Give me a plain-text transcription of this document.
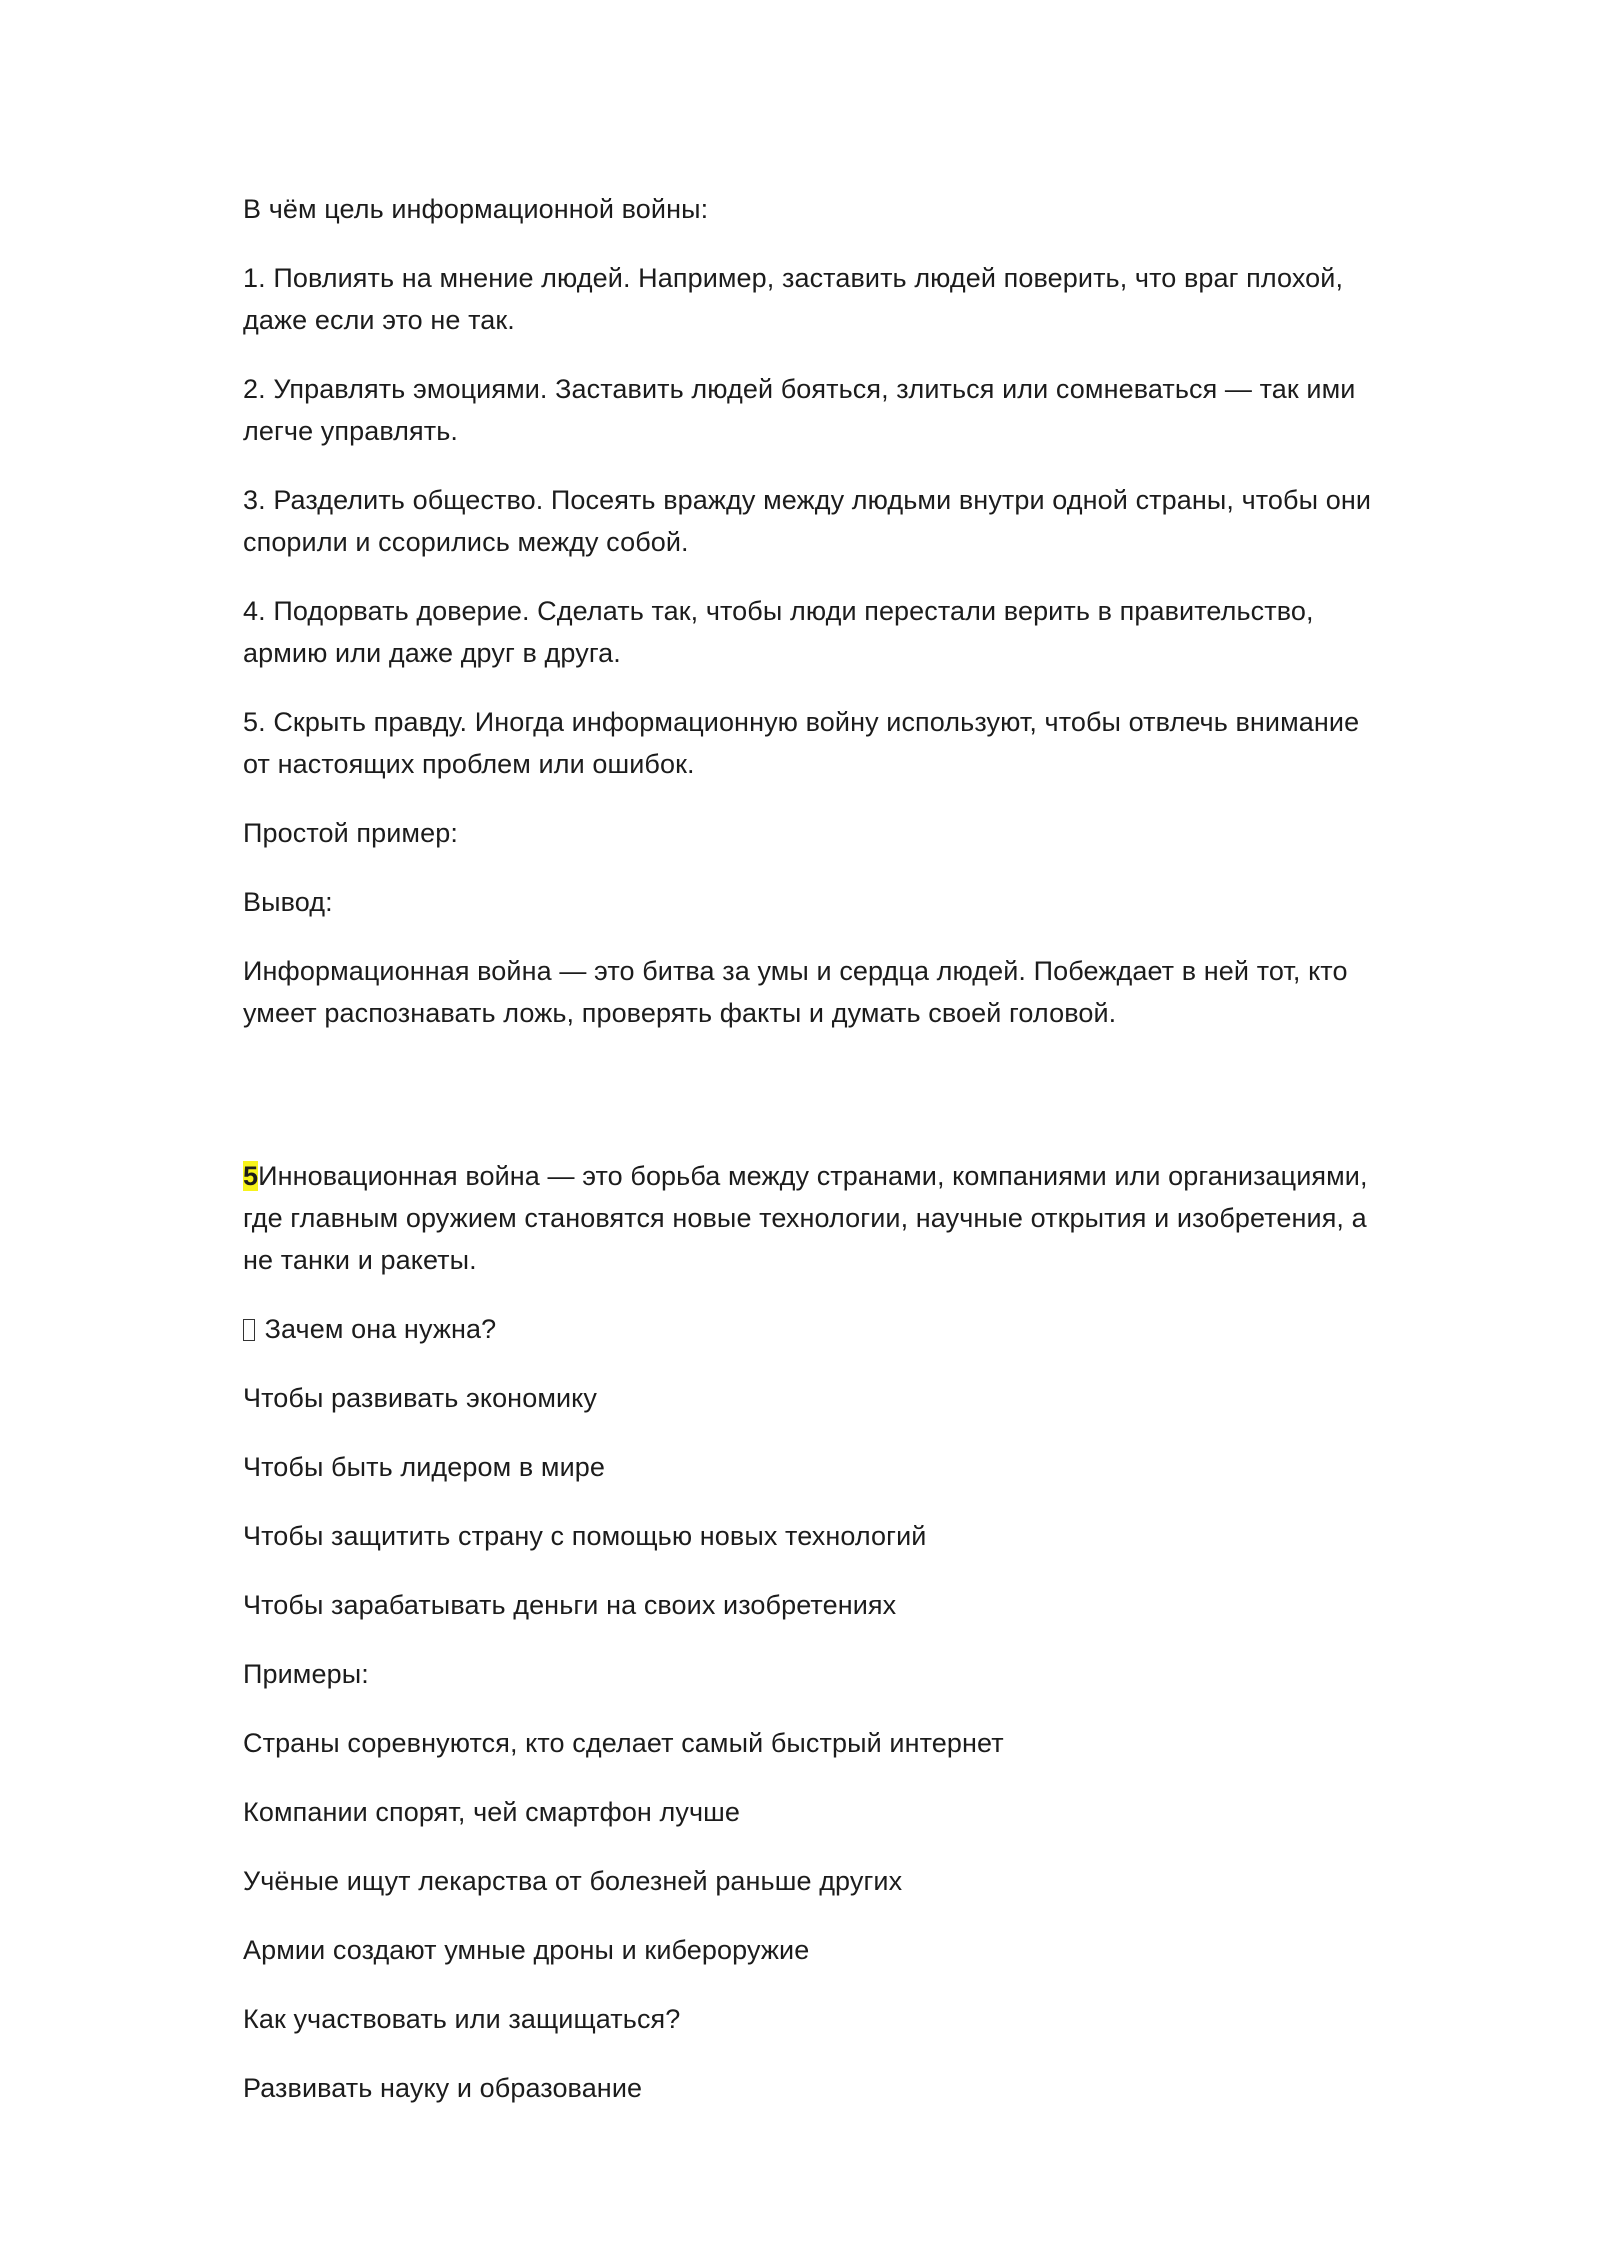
В чём цель информационной войны:

1. Повлиять на мнение людей. Например, заставить людей поверить, что враг плохой, даже если это не так.

2. Управлять эмоциями. Заставить людей бояться, злиться или сомневаться — так ими легче управлять.

3. Разделить общество. Посеять вражду между людьми внутри одной страны, чтобы они спорили и ссорились между собой.

4. Подорвать доверие. Сделать так, чтобы люди перестали верить в правительство, армию или даже друг в друга.

5. Скрыть правду. Иногда информационную войну используют, чтобы отвлечь внимание от настоящих проблем или ошибок.

Простой пример:

Вывод:

Информационная война — это битва за умы и сердца людей. Побеждает в ней тот, кто умеет распознавать ложь, проверять факты и думать своей головой.

5Инновационная война — это борьба между странами, компаниями или организациями, где главным оружием становятся новые технологии, научные открытия и изобретения, а не танки и ракеты.

Зачем она нужна?

Чтобы развивать экономику

Чтобы быть лидером в мире

Чтобы защитить страну с помощью новых технологий

Чтобы зарабатывать деньги на своих изобретениях

Примеры:

Страны соревнуются, кто сделает самый быстрый интернет

Компании спорят, чей смартфон лучше

Учёные ищут лекарства от болезней раньше других

Армии создают умные дроны и кибероружие

Как участвовать или защищаться?

Развивать науку и образование
